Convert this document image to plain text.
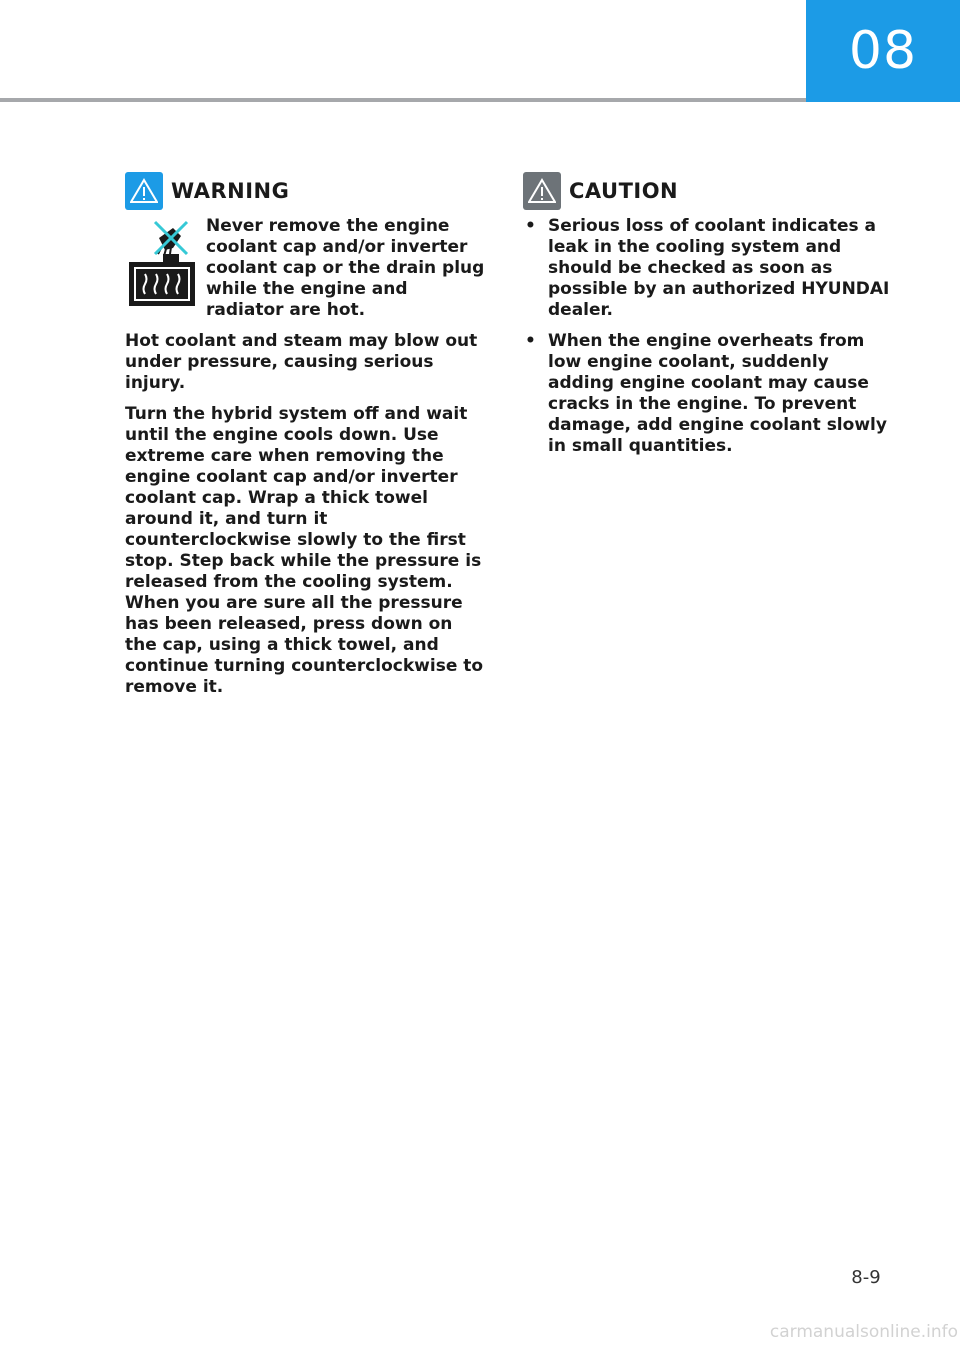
08
WARNING

Never remove the engine coolant cap and/or inverter coolant cap or the drain plug while the engine and radiator are hot.

Hot coolant and steam may blow out under pressure, causing serious injury.

Turn the hybrid system off and wait until the engine cools down. Use extreme care when removing the engine coolant cap and/or inverter coolant cap. Wrap a thick towel around it, and turn it counterclockwise slowly to the first stop. Step back while the pressure is released from the cooling system. When you are sure all the pressure has been released, press down on the cap, using a thick towel, and continue turning counterclockwise to remove it.

CAUTION
• Serious loss of coolant indicates a leak in the cooling system and should be checked as soon as possible by an authorized HYUNDAI dealer.
• When the engine overheats from low engine coolant, suddenly adding engine coolant may cause cracks in the engine. To prevent damage, add engine coolant slowly in small quantities.
8-9
carmanualsonline.info
